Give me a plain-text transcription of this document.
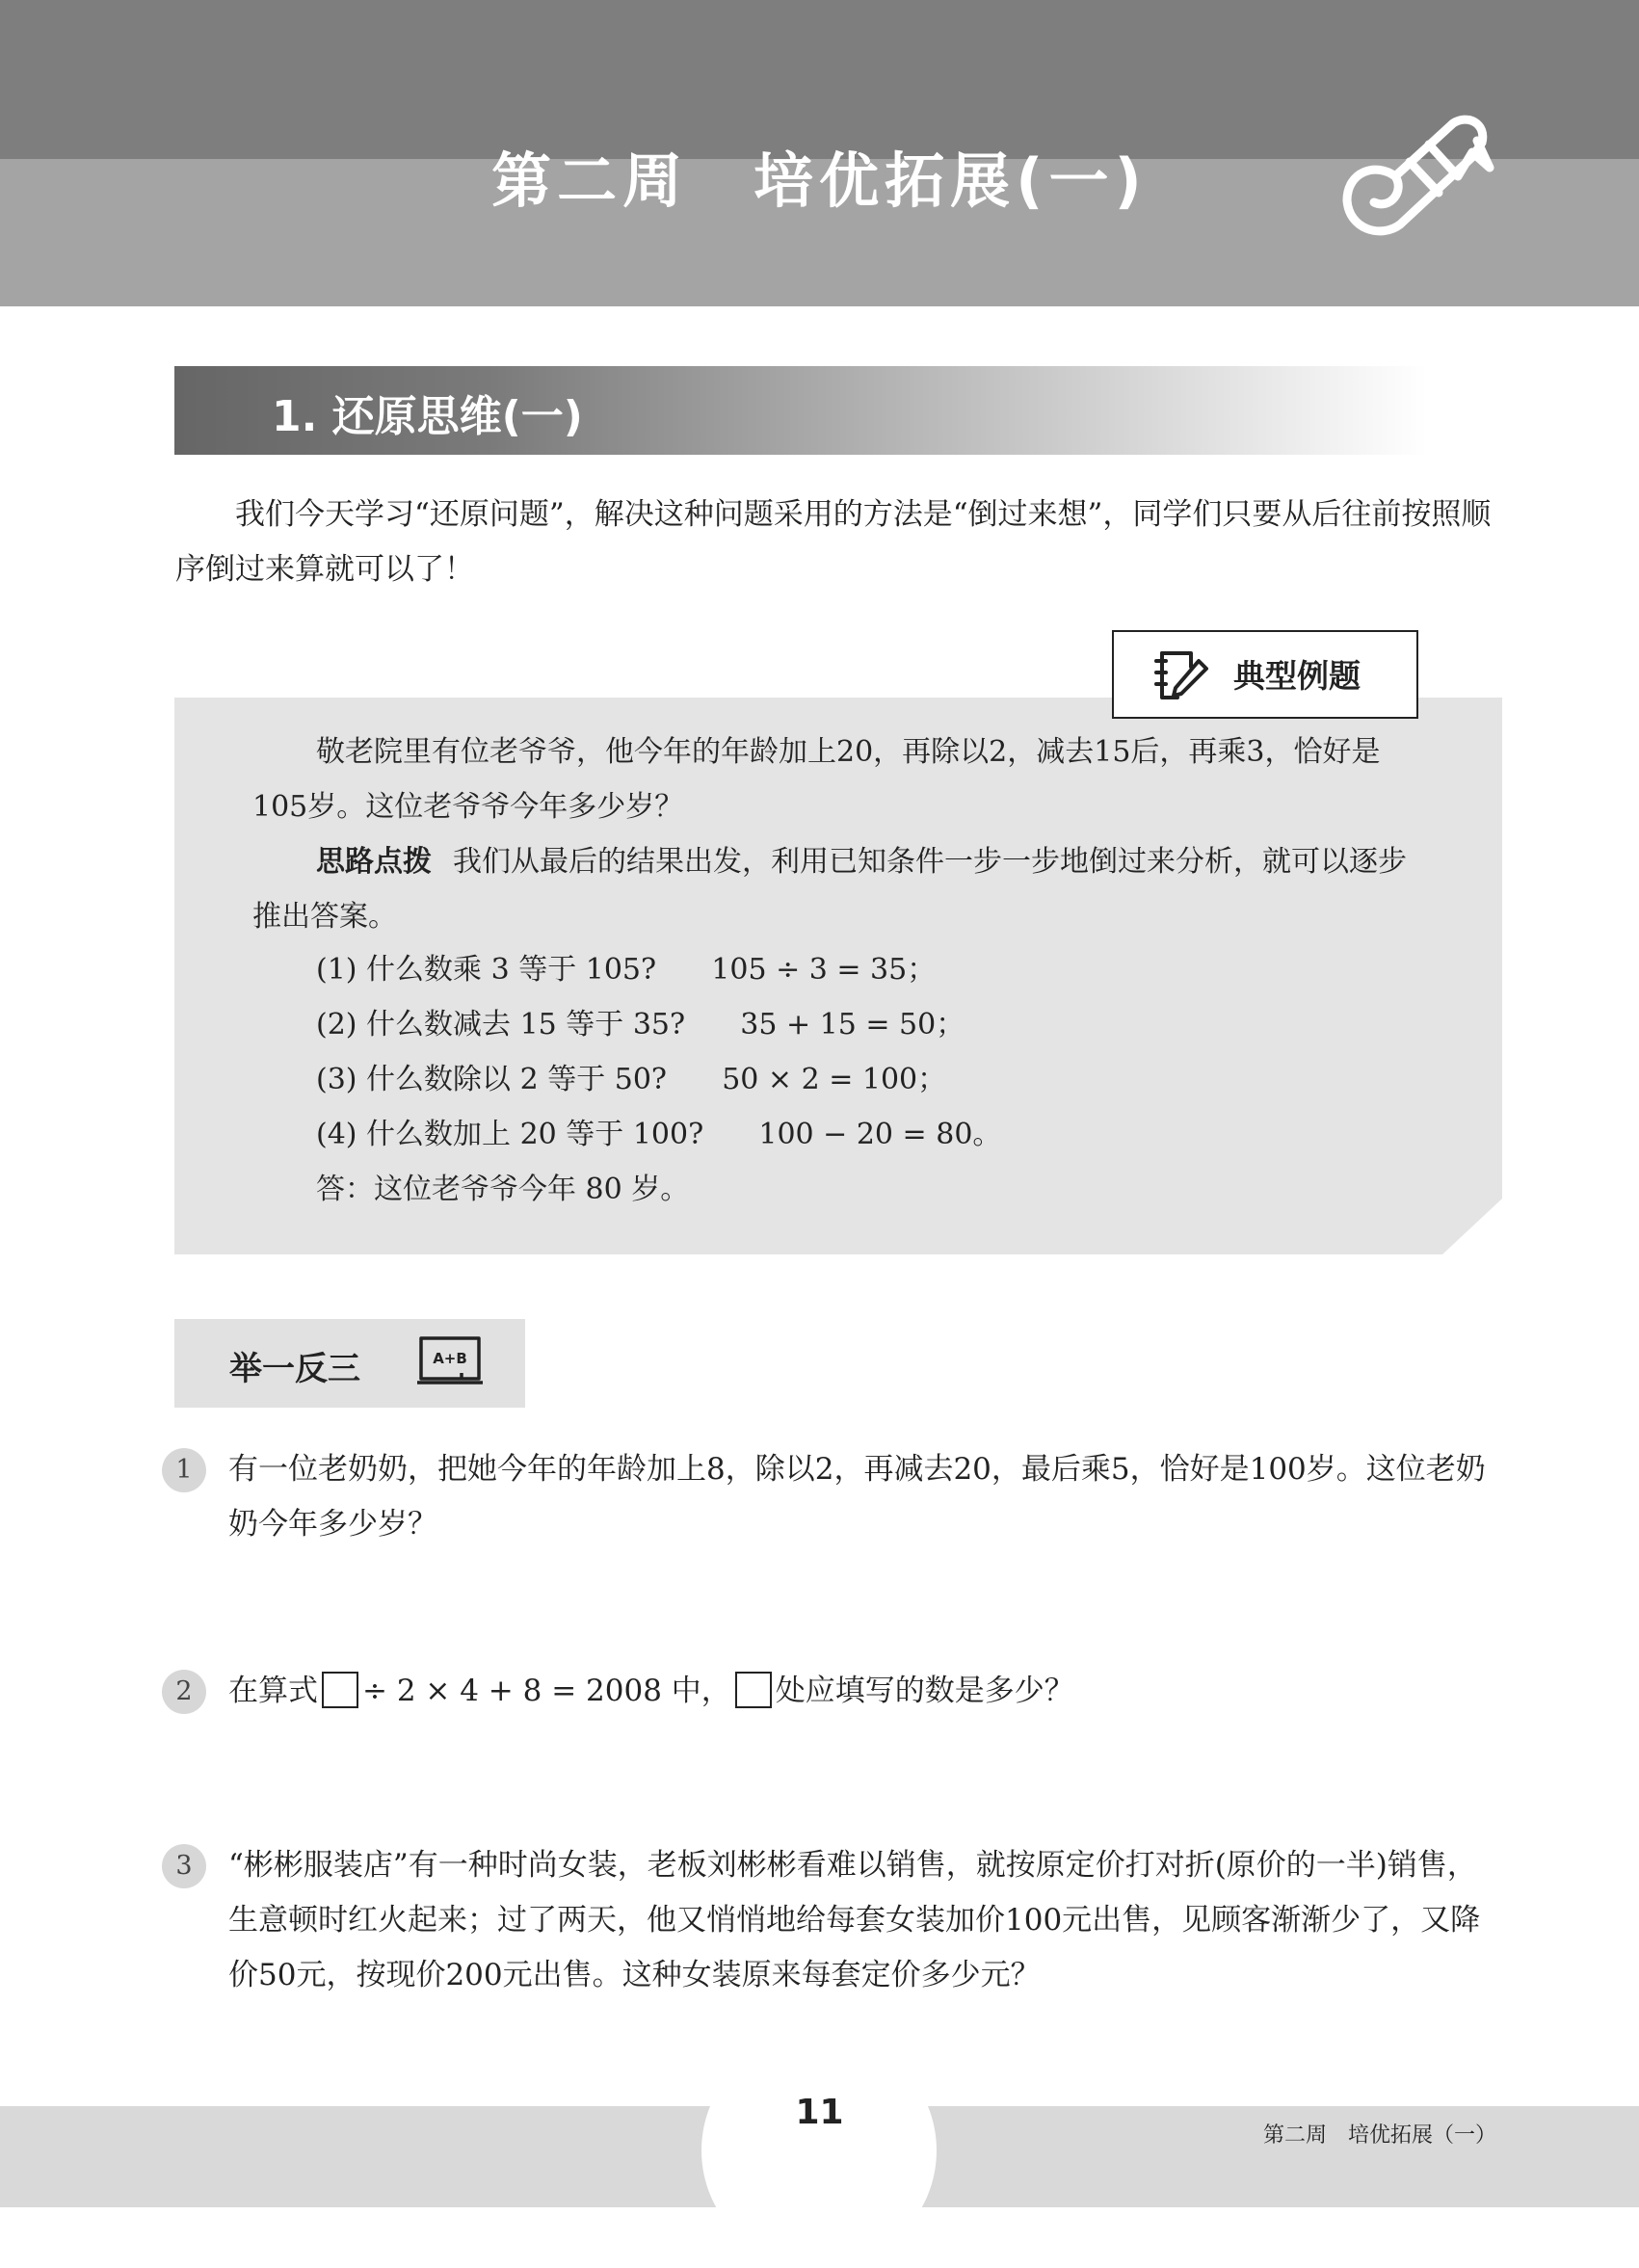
第二周　培优拓展(一)
1. 还原思维(一)
我们今天学习“还原问题”，解决这种问题采用的方法是“倒过来想”，同学们只要从后往前按照顺序倒过来算就可以了！
典型例题
敬老院里有位老爷爷，他今年的年龄加上20，再除以2，减去15后，再乘3，恰好是105岁。这位老爷爷今年多少岁？
思路点拨 我们从最后的结果出发，利用已知条件一步一步地倒过来分析，就可以逐步推出答案。
(1) 什么数乘 3 等于 105?      105 ÷ 3 = 35；
(2) 什么数减去 15 等于 35?      35 + 15 = 50；
(3) 什么数除以 2 等于 50?      50 × 2 = 100；
(4) 什么数加上 20 等于 100?      100 − 20 = 80。
答：这位老爷爷今年 80 岁。
举一反三	A+B
1	有一位老奶奶，把她今年的年龄加上8，除以2，再减去20，最后乘5，恰好是100岁。这位老奶奶今年多少岁？
2	在算式 ÷ 2 × 4 + 8 = 2008 中， 处应填写的数是多少？
3	“彬彬服装店”有一种时尚女装，老板刘彬彬看难以销售，就按原定价打对折(原价的一半)销售，生意顿时红火起来；过了两天，他又悄悄地给每套女装加价100元出售，见顾客渐渐少了，又降价50元，按现价200元出售。这种女装原来每套定价多少元？
11
第二周　培优拓展（一）
